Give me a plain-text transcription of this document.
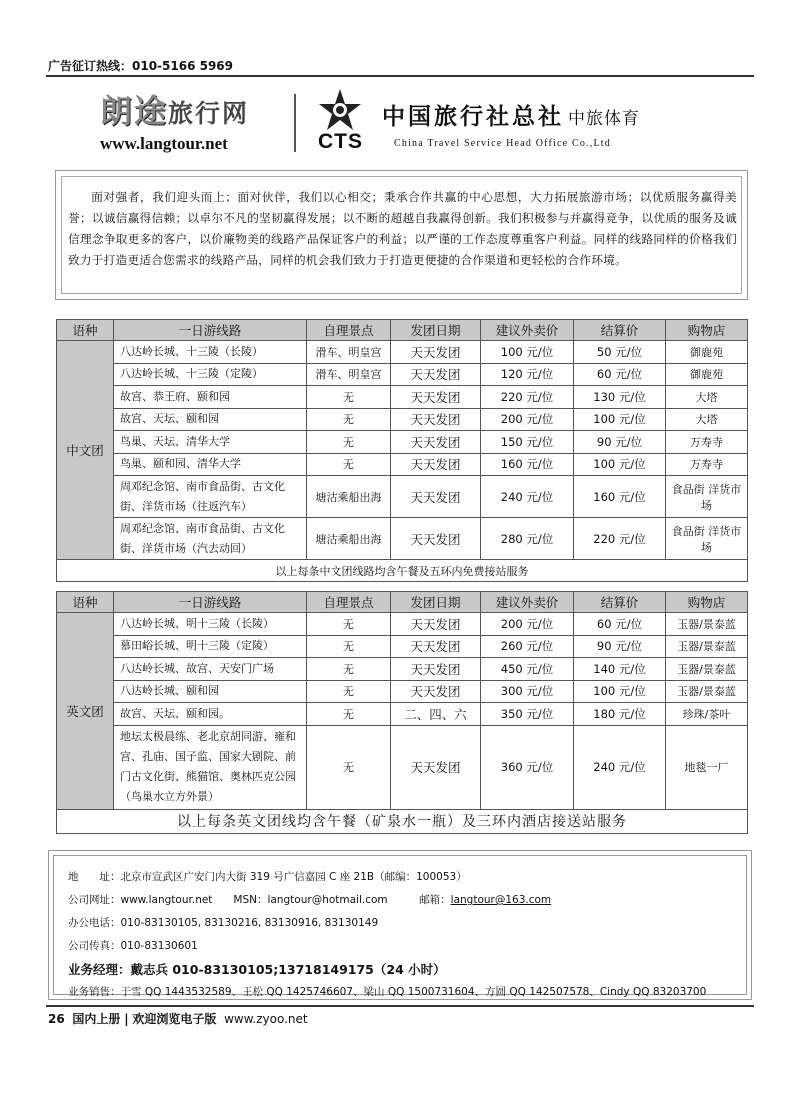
广告征订热线：010-5166 5969
朗途旅行网
www.langtour.net	CTS
中国旅行社总社 中旅体育
China Travel Service Head Office Co.,Ltd
面对强者，我们迎头而上；面对伙伴，我们以心相交；秉承合作共赢的中心思想，大力拓展旅游市场；以优质服务赢得美誉；以诚信赢得信赖；以卓尔不凡的坚韧赢得发展；以不断的超越自我赢得创新。我们积极参与并赢得竞争，以优质的服务及诚信理念争取更多的客户，以价廉物美的线路产品保证客户的利益；以严谨的工作态度尊重客户利益。同样的线路同样的价格我们致力于打造更适合您需求的线路产品，同样的机会我们致力于打造更便捷的合作渠道和更轻松的合作环境。
语种	一日游线路	自理景点	发团日期	建议外卖价	结算价	购物店
中文团	八达岭长城、十三陵（长陵）	滑车、明皇宫	天天发团	100 元/位	50 元/位	御鹿苑
	八达岭长城、十三陵（定陵）	滑车、明皇宫	天天发团	120 元/位	60 元/位	御鹿苑
	故宫、恭王府、颐和园	无	天天发团	220 元/位	130 元/位	大塔
	故宫、天坛、颐和园	无	天天发团	200 元/位	100 元/位	大塔
	鸟巢、天坛、清华大学	无	天天发团	150 元/位	90 元/位	万寿寺
	鸟巢、颐和园、清华大学	无	天天发团	160 元/位	100 元/位	万寿寺
	周邓纪念馆、南市食品街、古文化街、洋货市场（往返汽车）	塘沽乘船出海	天天发团	240 元/位	160 元/位	食品街 洋货市场
	周邓纪念馆、南市食品街、古文化街、洋货市场（汽去动回）	塘沽乘船出海	天天发团	280 元/位	220 元/位	食品街 洋货市场
以上每条中文团线路均含午餐及五环内免费接站服务						
语种	一日游线路	自理景点	发团日期	建议外卖价	结算价	购物店
英文团	八达岭长城、明十三陵（长陵）	无	天天发团	200 元/位	60 元/位	玉器/景泰蓝
	慕田峪长城、明十三陵（定陵）	无	天天发团	260 元/位	90 元/位	玉器/景泰蓝
	八达岭长城、故宫、天安门广场	无	天天发团	450 元/位	140 元/位	玉器/景泰蓝
	八达岭长城、颐和园	无	天天发团	300 元/位	100 元/位	玉器/景泰蓝
	故宫、天坛、颐和园。	无	二、四、六	350 元/位	180 元/位	珍珠/茶叶
	地坛太极晨练、老北京胡同游、雍和宫、孔庙、国子监、国家大剧院、前门古文化街、熊猫馆、奥林匹克公园（鸟巢水立方外景）	无	天天发团	360 元/位	240 元/位	地毯一厂
以上每条英文团线均含午餐（矿泉水一瓶）及三环内酒店接送站服务						
地　　址：北京市宣武区广安门内大街 319 号广信嘉园 C 座 21B（邮编：100053）
公司网址：www.langtour.net　　MSN：langtour@hotmail.com　　　	邮箱：langtour@163.com
办公电话：010-83130105, 83130216, 83130916, 83130149
公司传真：010-83130601
业务经理：戴志兵 010-83130105;13718149175（24 小时）
业务销售：于雪 QQ 1443532589、王松 QQ 1425746607、梁山 QQ 1500731604、方圆 QQ 142507578、Cindy QQ 83203700
26 国内上册 | 欢迎浏览电子版 www.zyoo.net
